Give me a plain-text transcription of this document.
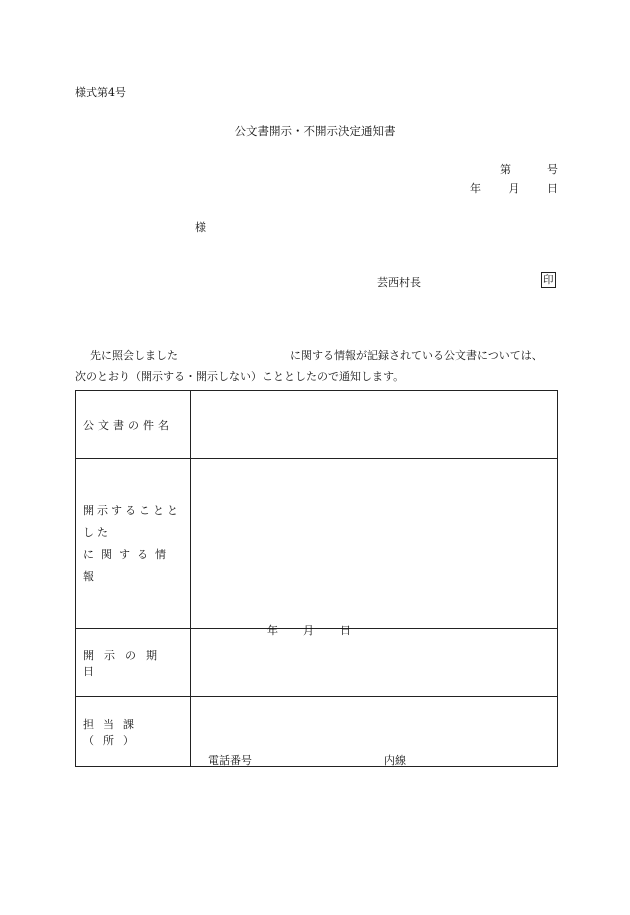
様式第4号
公文書開示・不開示決定通知書
第	号
年	月	日
様
芸西村長	印
先に照会しました	に関する情報が記録されている公文書については、
次のとおり（開示する・開示しない）こととしたので通知します。
公文書の件名	

開示することとした
に関する情報	

開示の期日	年 月 日

担当課（所）	電話番号 内線
